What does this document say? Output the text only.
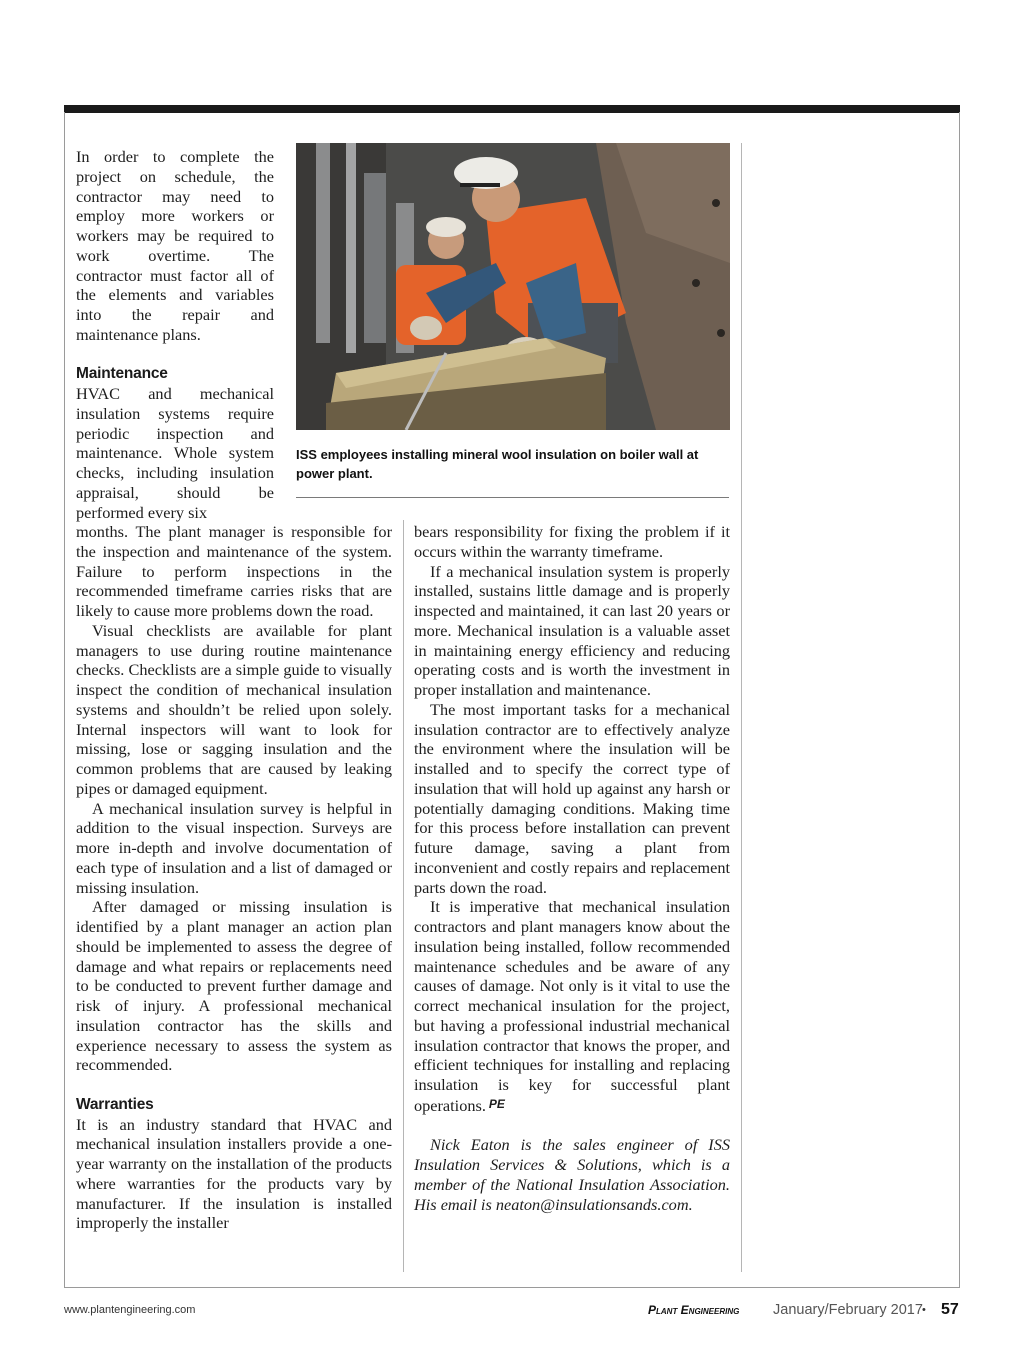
In order to complete the project on schedule, the contractor may need to employ more workers or workers may be required to work overtime. The contractor must factor all of the elements and variables into the repair and maintenance plans.

Maintenance

HVAC and mechanical insulation systems require periodic inspection and maintenance. Whole system checks, including insulation appraisal, should be performed every six

ISS employees installing mineral wool insulation on boiler wall at power plant.

months. The plant manager is responsible for the inspection and maintenance of the system. Failure to perform inspections in the recommended timeframe carries risks that are likely to cause more problems down the road.

Visual checklists are available for plant managers to use during routine maintenance checks. Checklists are a simple guide to visually inspect the condition of mechanical insulation systems and shouldn’t be relied upon solely. Internal inspectors will want to look for missing, lose or sagging insulation and the common problems that are caused by leaking pipes or damaged equipment.

A mechanical insulation survey is helpful in addition to the visual inspection. Surveys are more in-depth and involve documentation of each type of insulation and a list of damaged or missing insulation.

After damaged or missing insulation is identified by a plant manager an action plan should be implemented to assess the degree of damage and what repairs or replacements need to be conducted to prevent further damage and risk of injury. A professional mechanical insulation contractor has the skills and experience necessary to assess the system as recommended.

Warranties

It is an industry standard that HVAC and mechanical insulation installers provide a one-year warranty on the installation of the products where warranties for the products vary by manufacturer. If the insulation is installed improperly the installer

bears responsibility for fixing the problem if it occurs within the warranty timeframe.

If a mechanical insulation system is properly installed, sustains little damage and is properly inspected and maintained, it can last 20 years or more. Mechanical insulation is a valuable asset in maintaining energy efficiency and reducing operating costs and is worth the investment in proper installation and maintenance.

The most important tasks for a mechanical insulation contractor are to effectively analyze the environment where the insulation will be installed and to specify the correct type of insulation that will hold up against any harsh or potentially damaging conditions. Making time for this process before installation can prevent future damage, saving a plant from inconvenient and costly repairs and replacement parts down the road.

It is imperative that mechanical insulation contractors and plant managers know about the insulation being installed, follow recommended maintenance schedules and be aware of any causes of damage. Not only is it vital to use the correct mechanical insulation for the project, but having a professional industrial mechanical insulation contractor that knows the proper, and efficient techniques for installing and replacing insulation is key for successful plant operations. PE

Nick Eaton is the sales engineer of ISS Insulation Services & Solutions, which is a member of the National Insulation Association. His email is neaton@insulationsands.com.

www.plantengineering.com	Plant Engineering January/February 2017 • 57
